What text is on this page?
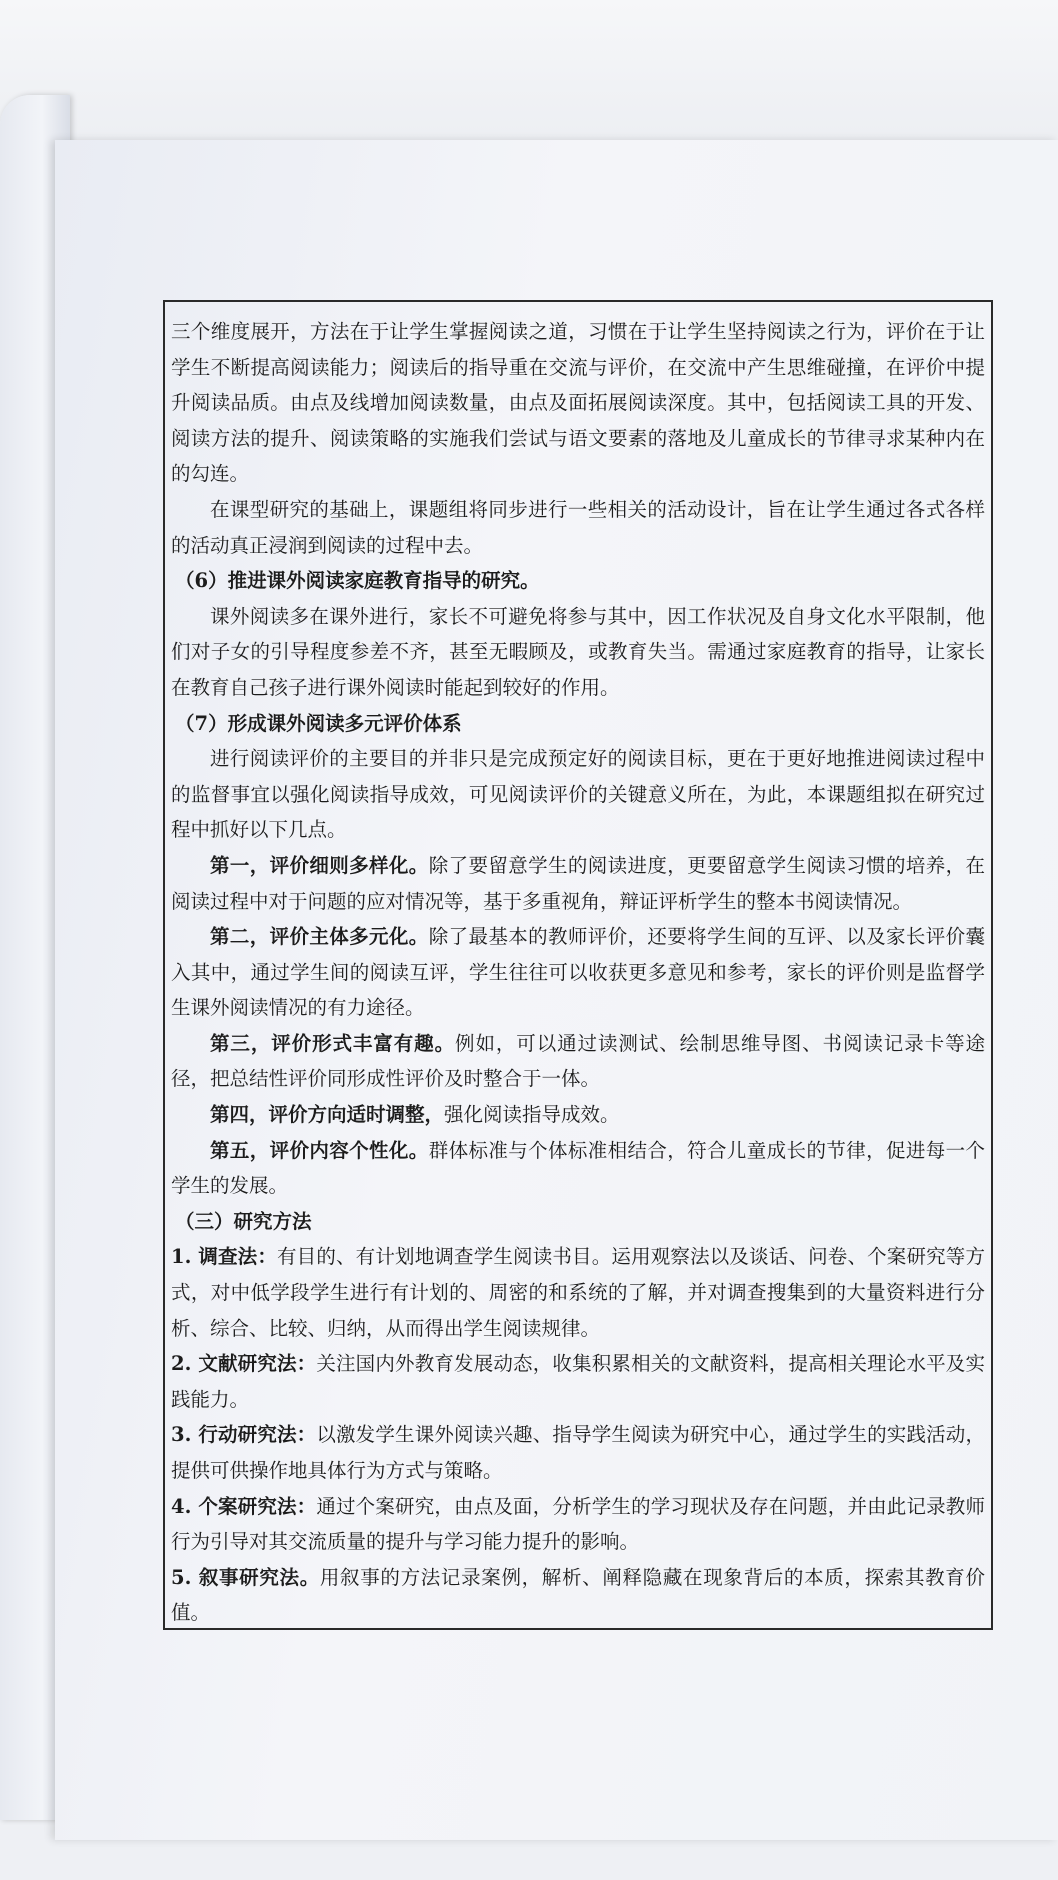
三个维度展开，方法在于让学生掌握阅读之道，习惯在于让学生坚持阅读之行为，评价在于让学生不断提高阅读能力；阅读后的指导重在交流与评价，在交流中产生思维碰撞，在评价中提升阅读品质。由点及线增加阅读数量，由点及面拓展阅读深度。其中，包括阅读工具的开发、阅读方法的提升、阅读策略的实施我们尝试与语文要素的落地及儿童成长的节律寻求某种内在的勾连。

在课型研究的基础上，课题组将同步进行一些相关的活动设计，旨在让学生通过各式各样的活动真正浸润到阅读的过程中去。

（6）推进课外阅读家庭教育指导的研究。

课外阅读多在课外进行，家长不可避免将参与其中，因工作状况及自身文化水平限制，他们对子女的引导程度参差不齐，甚至无暇顾及，或教育失当。需通过家庭教育的指导，让家长在教育自己孩子进行课外阅读时能起到较好的作用。

（7）形成课外阅读多元评价体系

进行阅读评价的主要目的并非只是完成预定好的阅读目标，更在于更好地推进阅读过程中的监督事宜以强化阅读指导成效，可见阅读评价的关键意义所在，为此，本课题组拟在研究过程中抓好以下几点。

第一，评价细则多样化。除了要留意学生的阅读进度，更要留意学生阅读习惯的培养，在阅读过程中对于问题的应对情况等，基于多重视角，辩证评析学生的整本书阅读情况。

第二，评价主体多元化。除了最基本的教师评价，还要将学生间的互评、以及家长评价囊入其中，通过学生间的阅读互评，学生往往可以收获更多意见和参考，家长的评价则是监督学生课外阅读情况的有力途径。

第三，评价形式丰富有趣。例如，可以通过读测试、绘制思维导图、书阅读记录卡等途径，把总结性评价同形成性评价及时整合于一体。

第四，评价方向适时调整，强化阅读指导成效。

第五，评价内容个性化。群体标准与个体标准相结合，符合儿童成长的节律，促进每一个学生的发展。

（三）研究方法

1. 调查法：有目的、有计划地调查学生阅读书目。运用观察法以及谈话、问卷、个案研究等方式，对中低学段学生进行有计划的、周密的和系统的了解，并对调查搜集到的大量资料进行分析、综合、比较、归纳，从而得出学生阅读规律。

2. 文献研究法：关注国内外教育发展动态，收集积累相关的文献资料，提高相关理论水平及实践能力。

3. 行动研究法：以激发学生课外阅读兴趣、指导学生阅读为研究中心，通过学生的实践活动，提供可供操作地具体行为方式与策略。

4. 个案研究法：通过个案研究，由点及面，分析学生的学习现状及存在问题，并由此记录教师行为引导对其交流质量的提升与学习能力提升的影响。

5. 叙事研究法。用叙事的方法记录案例，解析、阐释隐藏在现象背后的本质，探索其教育价值。
